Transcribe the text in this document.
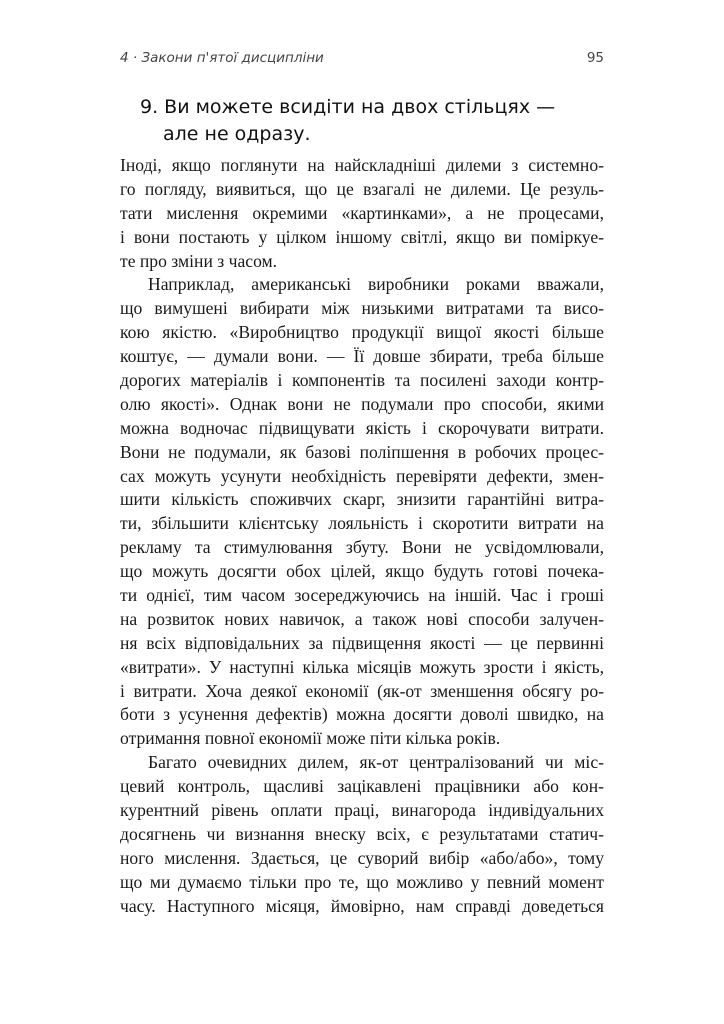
4 · Закони п'ятої дисципліни	95
9. Ви можете всидіти на двох стільцях —
але не одразу.
Іноді, якщо поглянути на найскладніші дилеми з системно-
го погляду, виявиться, що це взагалі не дилеми. Це резуль-
тати мислення окремими «картинками», а не процесами,
і вони постають у цілком іншому світлі, якщо ви поміркуе-
те про зміни з часом.
Наприклад, американські виробники роками вважали,
що вимушені вибирати між низькими витратами та висо-
кою якістю. «Виробництво продукції вищої якості більше
коштує, — думали вони. — Її довше збирати, треба більше
дорогих матеріалів і компонентів та посилені заходи контр-
олю якості». Однак вони не подумали про способи, якими
можна водночас підвищувати якість і скорочувати витрати.
Вони не подумали, як базові поліпшення в робочих процес-
сах можуть усунути необхідність перевіряти дефекти, змен-
шити кількість споживчих скарг, знизити гарантійні витра-
ти, збільшити клієнтську лояльність і скоротити витрати на
рекламу та стимулювання збуту. Вони не усвідомлювали,
що можуть досягти обох цілей, якщо будуть готові почека-
ти однієї, тим часом зосереджуючись на іншій. Час і гроші
на розвиток нових навичок, а також нові способи залучен-
ня всіх відповідальних за підвищення якості — це первинні
«витрати». У наступні кілька місяців можуть зрости і якість,
і витрати. Хоча деякої економії (як-от зменшення обсягу ро-
боти з усунення дефектів) можна досягти доволі швидко, на
отримання повної економії може піти кілька років.
Багато очевидних дилем, як-от централізований чи міс-
цевий контроль, щасливі зацікавлені працівники або кон-
курентний рівень оплати праці, винагорода індивідуальних
досягнень чи визнання внеску всіх, є результатами статич-
ного мислення. Здається, це суворий вибір «або/або», тому
що ми думаємо тільки про те, що можливо у певний момент
часу. Наступного місяця, ймовірно, нам справді доведеться
